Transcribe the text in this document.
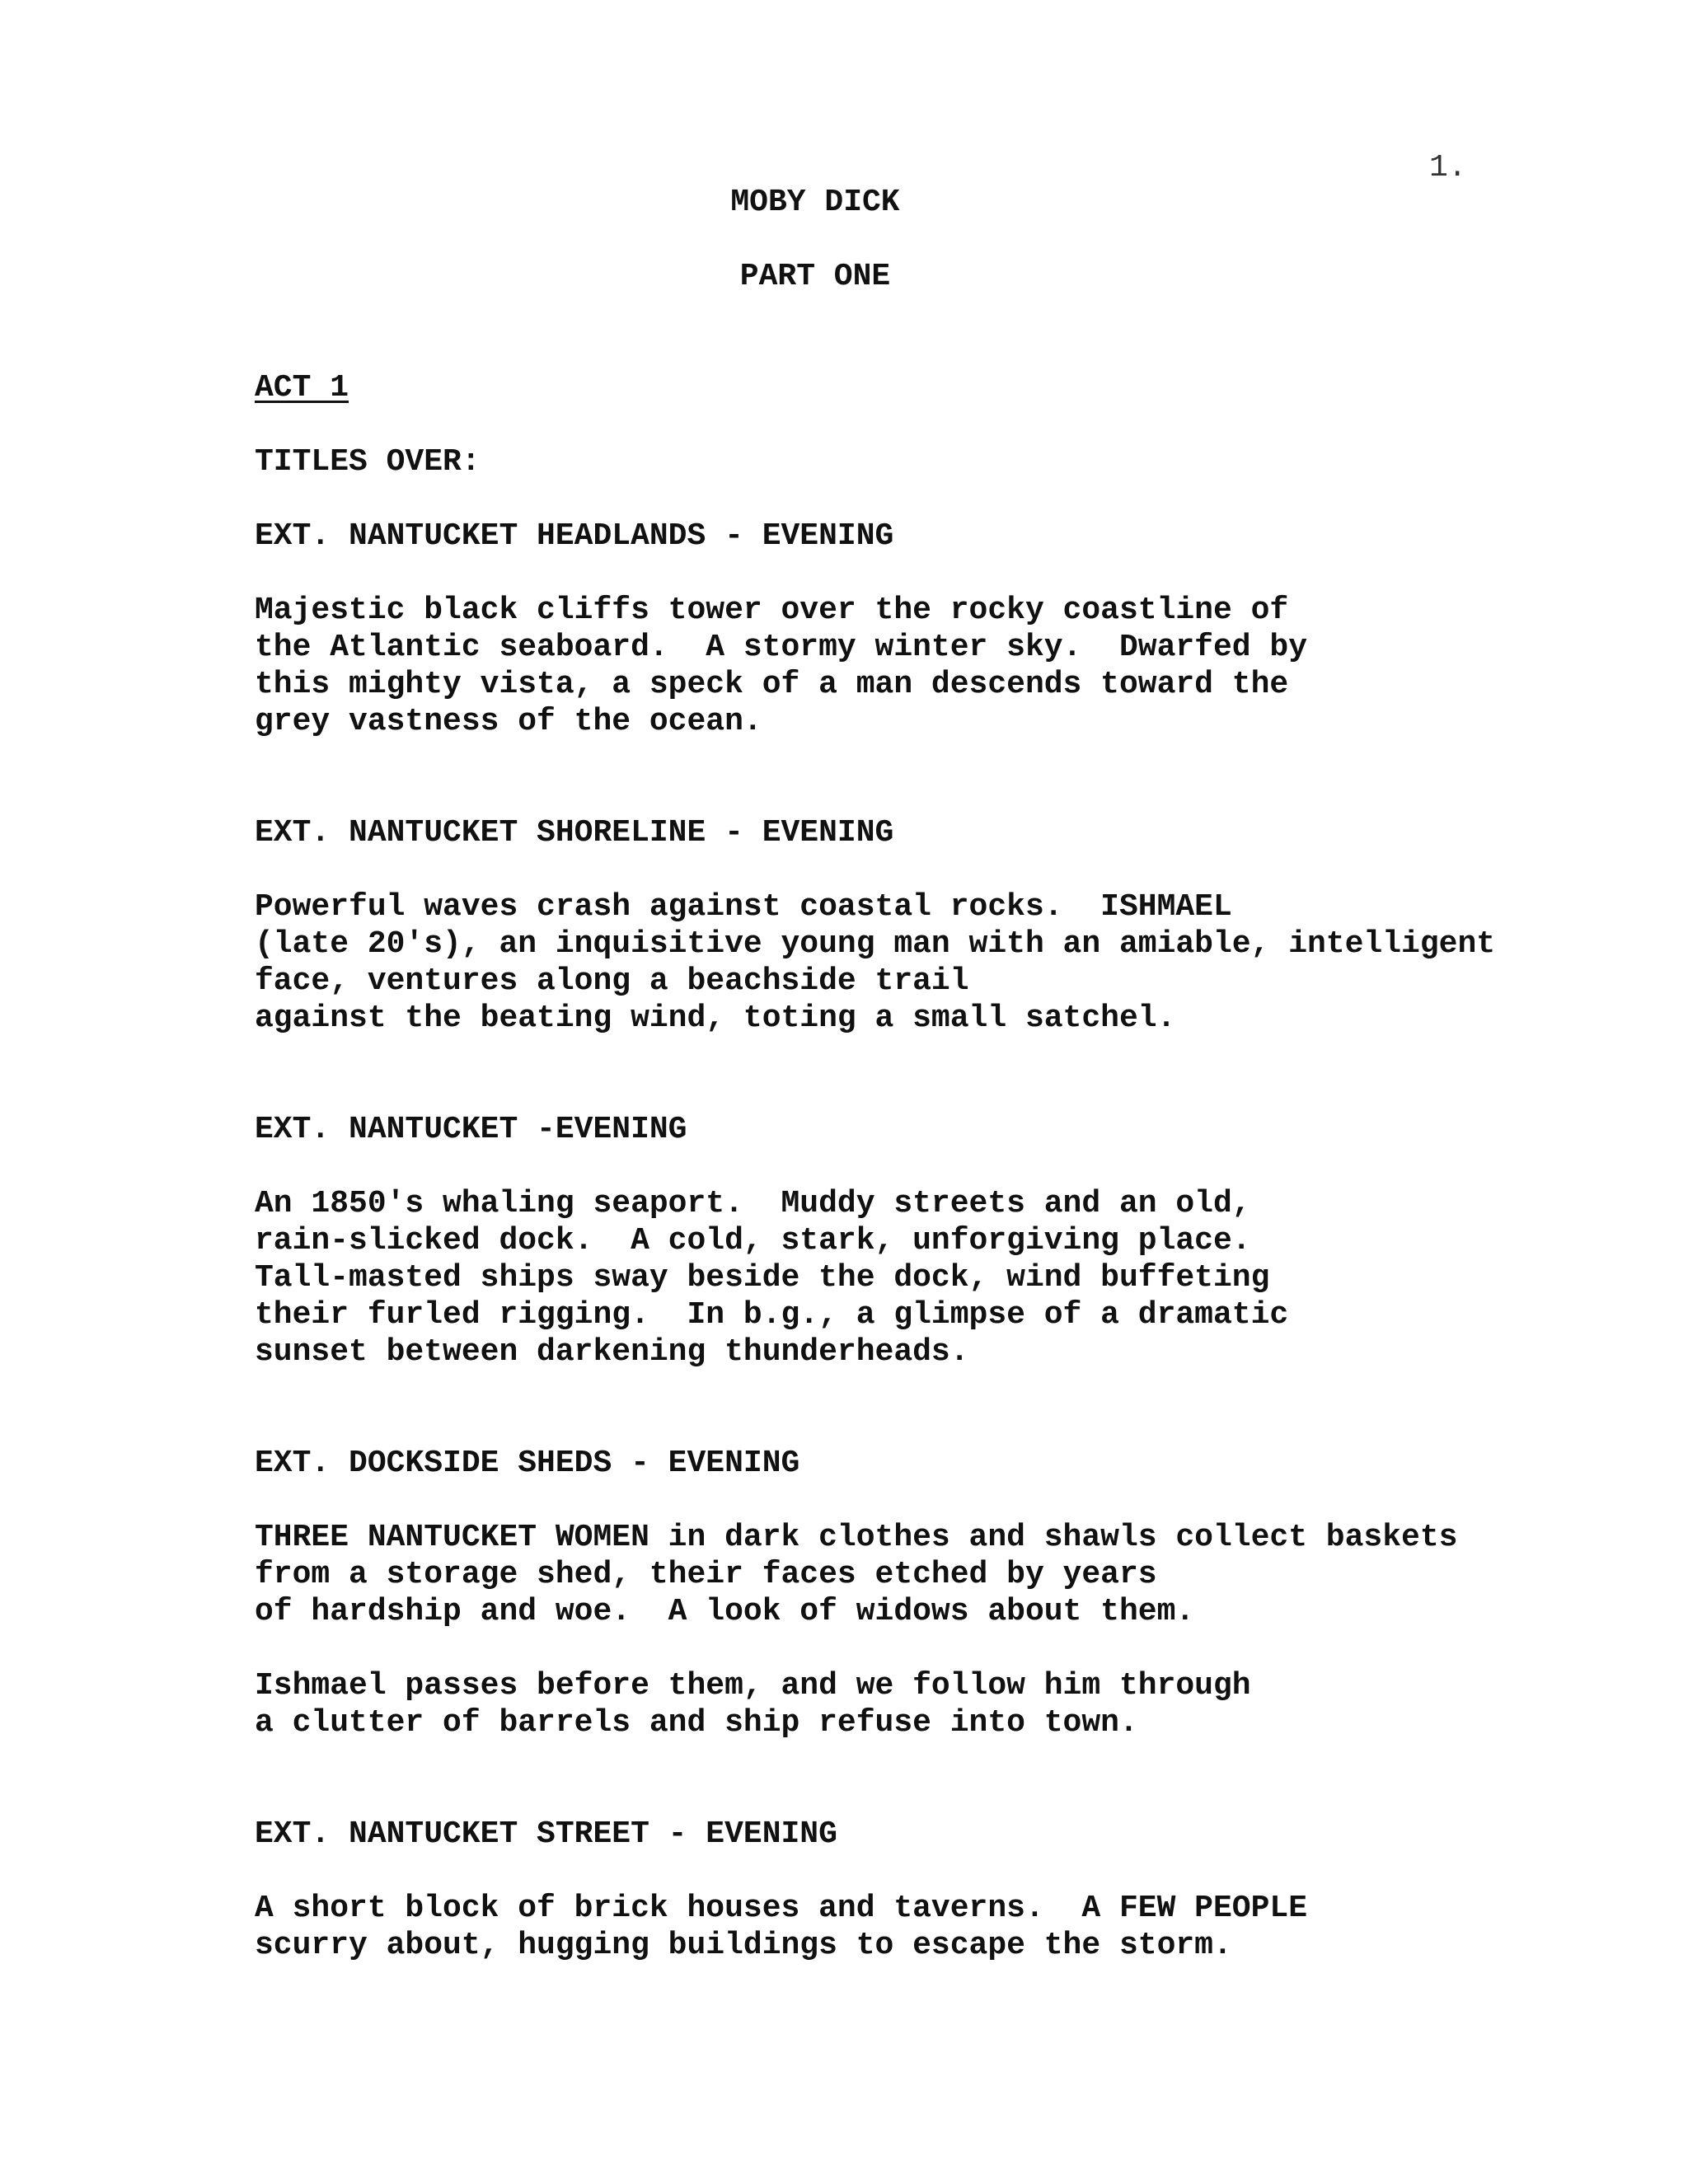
1.
MOBY DICK
PART ONE
ACT 1
TITLES OVER:
EXT. NANTUCKET HEADLANDS - EVENING
Majestic black cliffs tower over the rocky coastline of
the Atlantic seaboard.  A stormy winter sky.  Dwarfed by
this mighty vista, a speck of a man descends toward the
grey vastness of the ocean.
EXT. NANTUCKET SHORELINE - EVENING
Powerful waves crash against coastal rocks.  ISHMAEL
(late 20's), an inquisitive young man with an amiable, intelligent
face, ventures along a beachside trail
against the beating wind, toting a small satchel.
EXT. NANTUCKET -EVENING
An 1850's whaling seaport.  Muddy streets and an old,
rain-slicked dock.  A cold, stark, unforgiving place.
Tall-masted ships sway beside the dock, wind buffeting
their furled rigging.  In b.g., a glimpse of a dramatic
sunset between darkening thunderheads.
EXT. DOCKSIDE SHEDS - EVENING
THREE NANTUCKET WOMEN in dark clothes and shawls collect baskets
from a storage shed, their faces etched by years
of hardship and woe.  A look of widows about them.
Ishmael passes before them, and we follow him through
a clutter of barrels and ship refuse into town.
EXT. NANTUCKET STREET - EVENING
A short block of brick houses and taverns.  A FEW PEOPLE
scurry about, hugging buildings to escape the storm.
